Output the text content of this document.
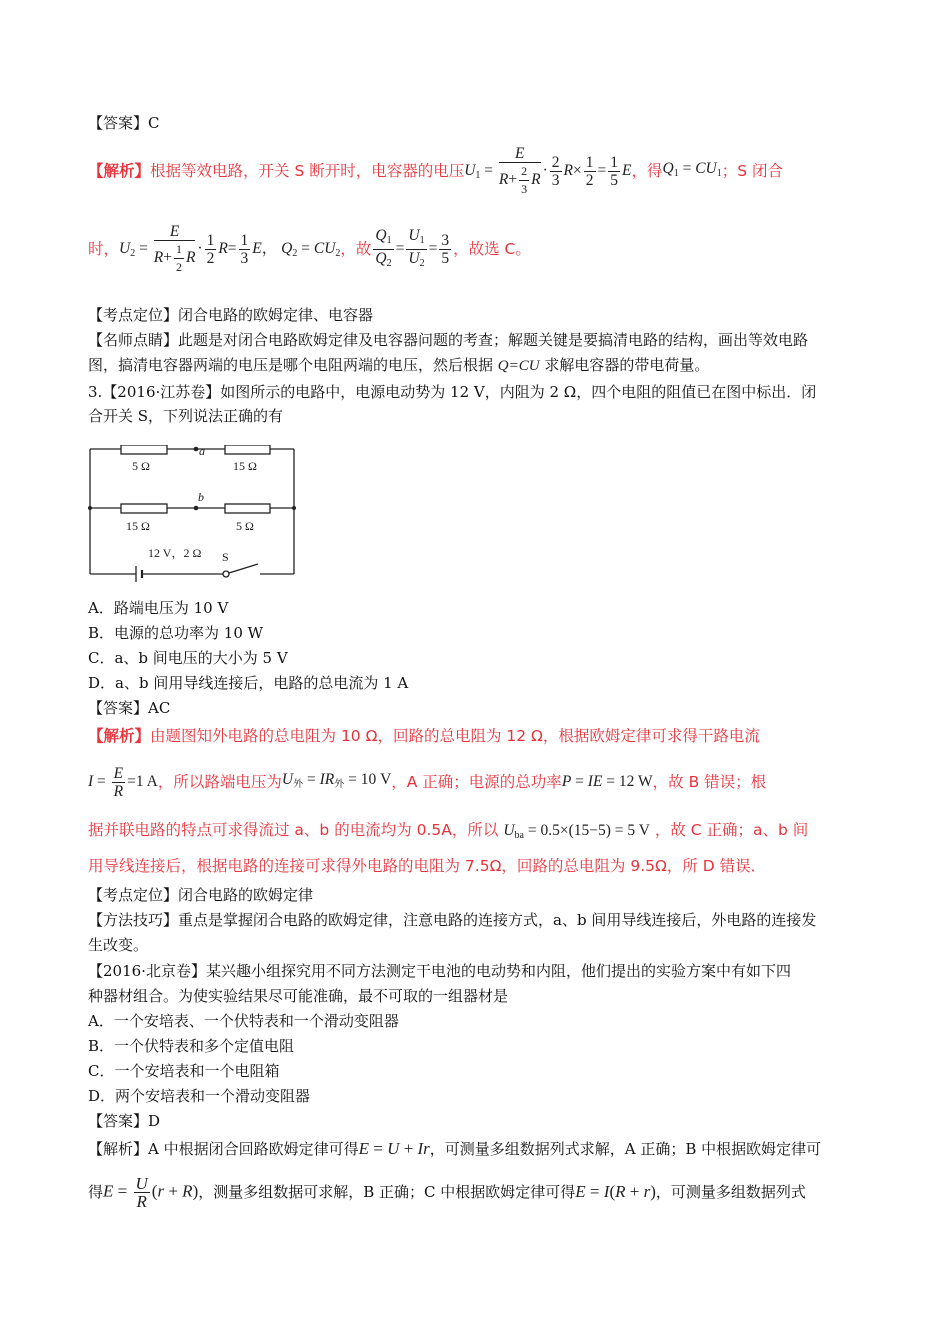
【答案】C
【解析】 根据等效电路，开关 S 断开时，电容器的电压 $U_1 = \frac{E}{R+ \frac{2}{3} R} \cdot \frac{2}{3} R\times \frac{1}{2} = \frac{1}{5}$ E ，得 $Q_1 = CU_1$ ；S 闭合
时， $U_2 = \frac{E}{R+ \frac{1}{2} R} \cdot \frac{1}{2} R= \frac{1}{3}$ E， $Q_2 = CU_2$ ，故 $\frac{Q_1}{Q_2} = \frac{U_1}{U_2} = \frac{3}{5}$ ，故选 C。
【考点定位】闭合电路的欧姆定律、电容器
【名师点睛】此题是对闭合电路欧姆定律及电容器问题的考查；解题关键是要搞清电路的结构，画出等效电路
图，搞清电容器两端的电压是哪个电阻两端的电压，然后根据 Q=CU 求解电容器的带电荷量。
3.【2016·江苏卷】如图所示的电路中，电源电动势为 12 V，内阻为 2 Ω，四个电阻的阻值已在图中标出．闭
合开关 S，下列说法正确的有
a
b
5 Ω	15 Ω
15 Ω	5 Ω
12 V，2 Ω S
A．路端电压为 10 V
B．电源的总功率为 10 W
C．a、b 间电压的大小为 5 V
D．a、b 间用导线连接后，电路的总电流为 1 A
【答案】AC
【解析】由题图知外电路的总电阻为 10 Ω，回路的总电阻为 12 Ω，根据欧姆定律可求得干路电流
$I = \frac{E}{R} =1$ A ，所以路端电压为 $U_外 = IR_外 = 10$ V ，A 正确；电源的总功率 P = IE = 12 W ，故 B 错误；根
据并联电路的特点可求得流过 a、b 的电流均为 0.5A，所以 $U_{ba} = 0.5\times(15-5) = 5$ V ，故 C 正确；a、b 间
用导线连接后，根据电路的连接可求得外电路的电阻为 7.5Ω，回路的总电阻为 9.5Ω，所 D 错误．
【考点定位】闭合电路的欧姆定律
【方法技巧】重点是掌握闭合电路的欧姆定律，注意电路的连接方式，a、b 间用导线连接后，外电路的连接发
生改变。
【2016·北京卷】某兴趣小组探究用不同方法测定干电池的电动势和内阻，他们提出的实验方案中有如下四
种器材组合。为使实验结果尽可能准确，最不可取的一组器材是
A．一个安培表、一个伏特表和一个滑动变阻器
B．一个伏特表和多个定值电阻
C．一个安培表和一个电阻箱
D．两个安培表和一个滑动变阻器
【答案】D
【解析】A 中根据闭合回路欧姆定律可得 E = U + Ir ，可测量多组数据列式求解，A 正确；B 中根据欧姆定律可
得 $E = \frac{U}{R} (r + R)$ ，测量多组数据可求解，B 正确；C 中根据欧姆定律可得 E = I(R + r) ，可测量多组数据列式
